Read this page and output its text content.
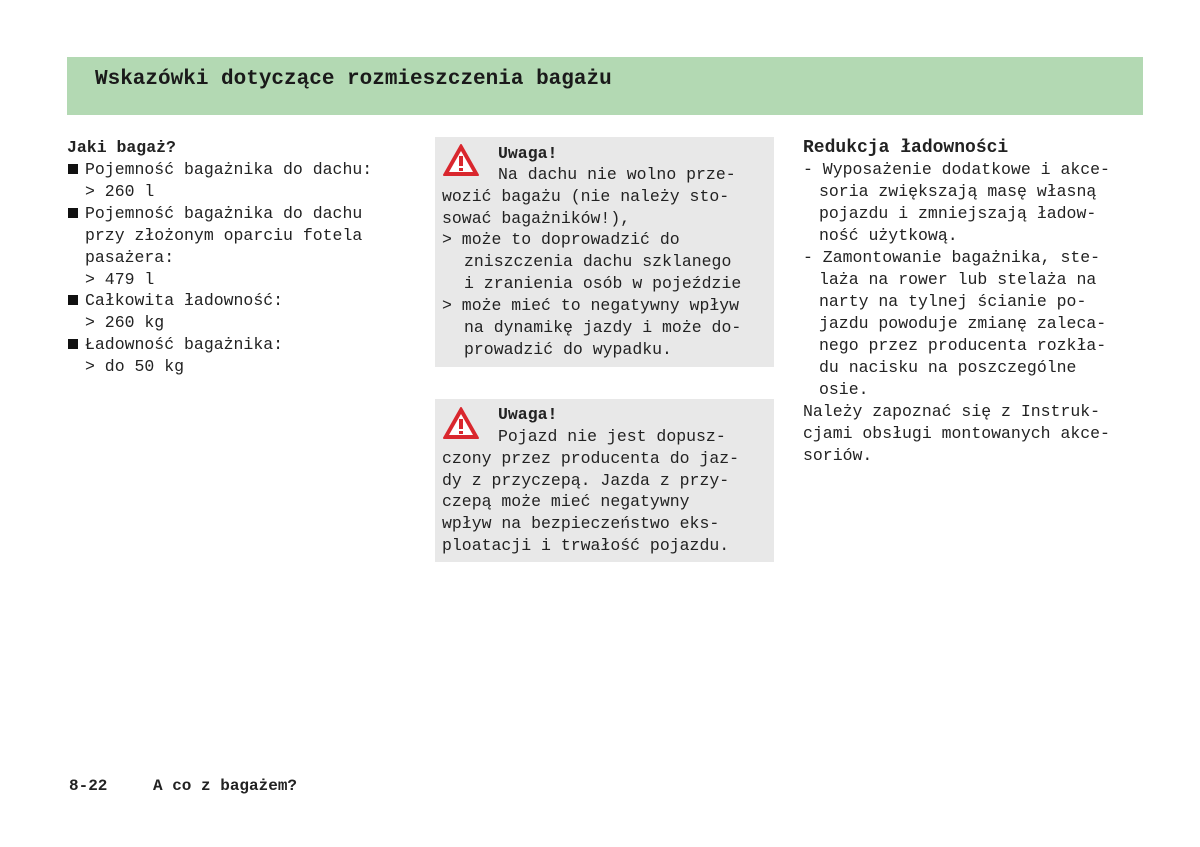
Wskazówki dotyczące rozmieszczenia bagażu
Jaki bagaż?
Pojemność bagażnika do dachu:
> 260 l
Pojemność bagażnika do dachu
przy złożonym oparciu fotela
pasażera:
> 479 l
Całkowita ładowność:
> 260 kg
Ładowność bagażnika:
> do 50 kg
Uwaga!
Na dachu nie wolno prze-
wozić bagażu (nie należy sto-
sować bagażników!),
> może to doprowadzić do
zniszczenia dachu szklanego
i zranienia osób w pojeździe
> może mieć to negatywny wpływ
na dynamikę jazdy i może do-
prowadzić do wypadku.
Uwaga!
Pojazd nie jest dopusz-
czony przez producenta do jaz-
dy z przyczepą. Jazda z przy-
czepą może mieć negatywny
wpływ na bezpieczeństwo eks-
ploatacji i trwałość pojazdu.
Redukcja ładowności
- Wyposażenie dodatkowe i akce-
soria zwiększają masę własną
pojazdu i zmniejszają ładow-
ność użytkową.
- Zamontowanie bagażnika, ste-
laża na rower lub stelaża na
narty na tylnej ścianie po-
jazdu powoduje zmianę zaleca-
nego przez producenta rozkła-
du nacisku na poszczególne
osie.
Należy zapoznać się z Instruk-
cjami obsługi montowanych akce-
soriów.
8-22	A co z bagażem?
